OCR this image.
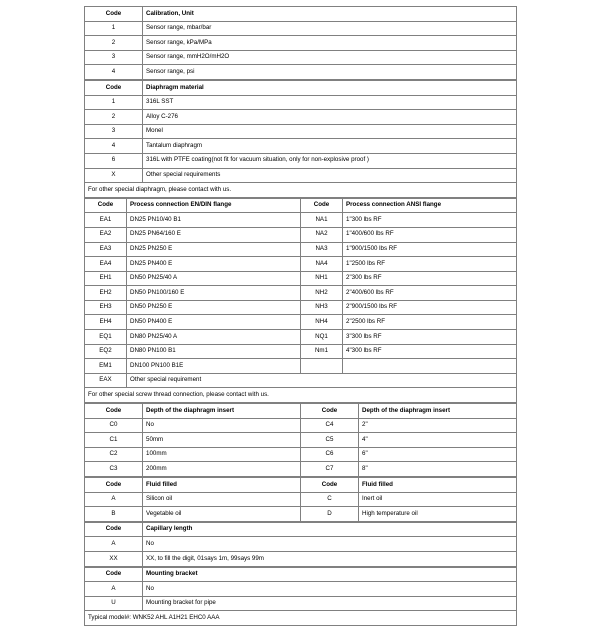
Code	Calibration, Unit
1	Sensor range, mbar/bar
2	Sensor range, kPa/MPa
3	Sensor range, mmH2O/mH2O
4	Sensor range, psi
Code	Diaphragm material
1	316L SST
2	Alloy C-276
3	Monel
4	Tantalum diaphragm
6	316L with PTFE coating(not fit for vacuum situation, only for non-explosive proof )
X	Other special requirements
For other special diaphragm, please contact with us.	
Code	Process connection EN/DIN flange	Code	Process connection ANSI flange
EA1	DN25 PN10/40 B1	NA1	1"300 lbs RF
EA2	DN25 PN64/160 E	NA2	1"400/600 lbs RF
EA3	DN25 PN250 E	NA3	1"900/1500 lbs RF
EA4	DN25 PN400 E	NA4	1"2500 lbs RF
EH1	DN50 PN25/40 A	NH1	2"300 lbs RF
EH2	DN50 PN100/160 E	NH2	2"400/600 lbs RF
EH3	DN50 PN250 E	NH3	2"900/1500 lbs RF
EH4	DN50 PN400 E	NH4	2"2500 lbs RF
EQ1	DN80 PN25/40 A	NQ1	3"300 lbs RF
EQ2	DN80 PN100 B1	Nm1	4"300 lbs RF
EM1	DN100 PN100 B1E		
EAX	Other special requirement		
For other special screw thread connection, please contact with us.			
Code	Depth of the diaphragm insert	Code	Depth of the diaphragm insert
C0	No	C4	2"
C1	50mm	C5	4"
C2	100mm	C6	6"
C3	200mm	C7	8"
Code	Fluid filled	Code	Fluid filled
A	Silicon oil	C	Inert oil
B	Vegetable oil	D	High temperature oil
Code	Capillary length
A	No
XX	XX, to fill the digit, 01says 1m, 99says 99m
Code	Mounting bracket
A	No
U	Mounting bracket for pipe
Typical model#: WNK52 AHL A1H21 EHC0 AAA	
